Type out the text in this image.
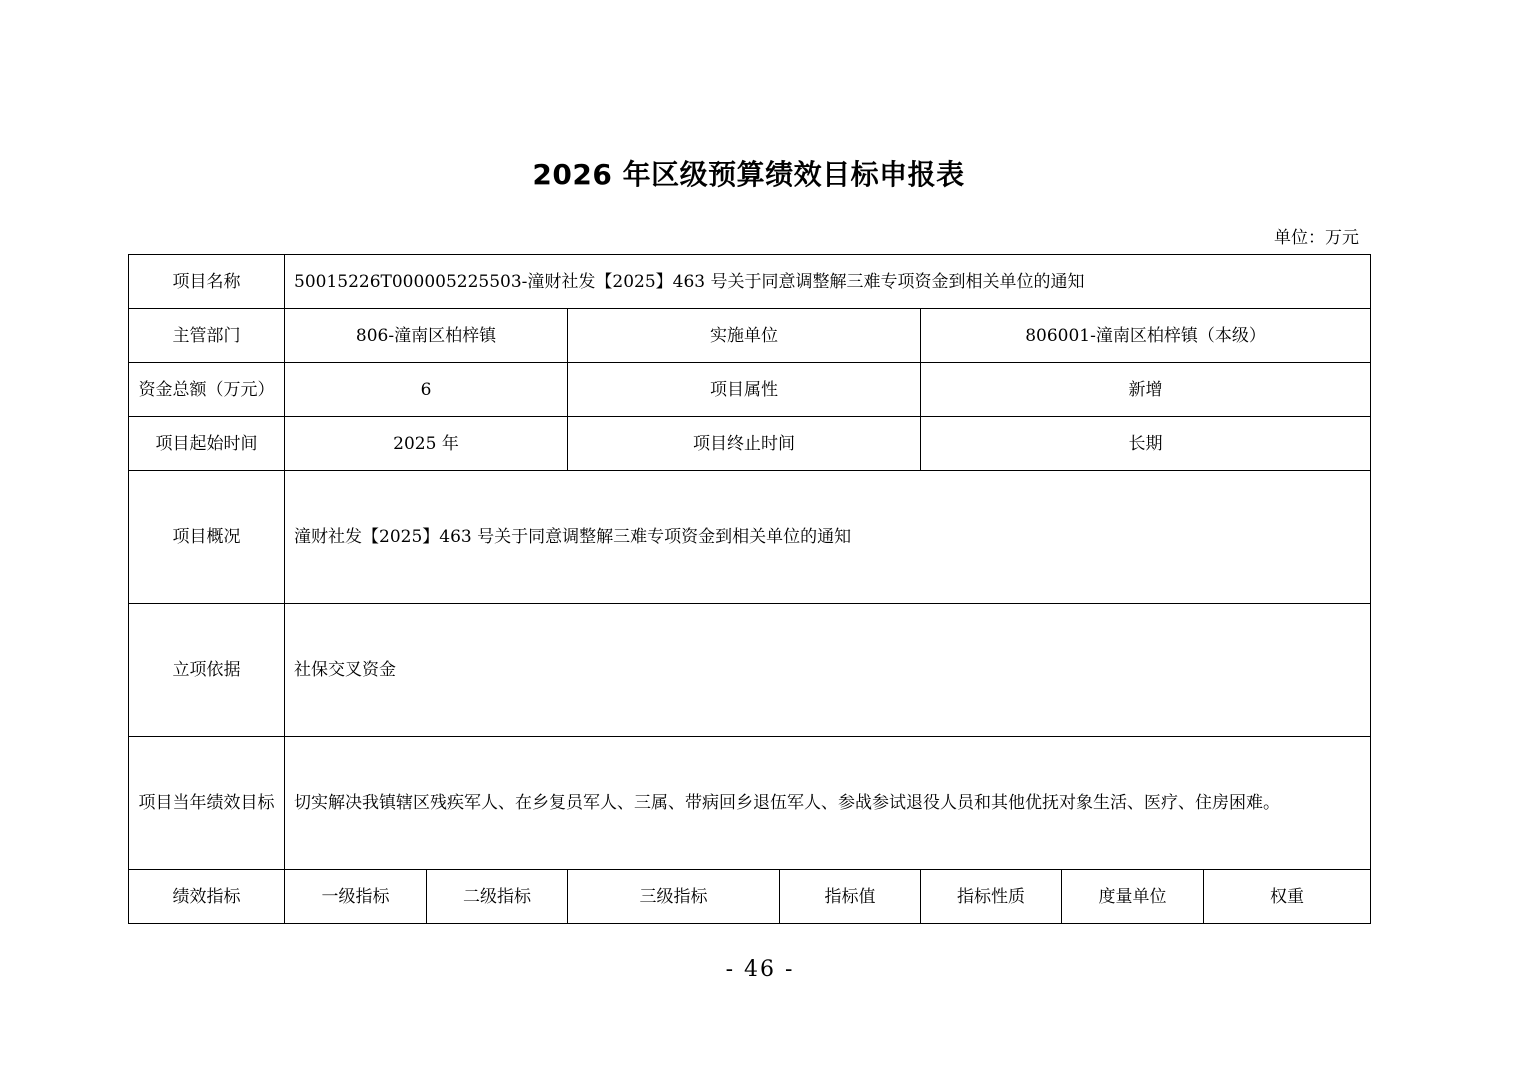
2026 年区级预算绩效目标申报表
单位：万元
项目名称	50015226T000005225503-潼财社发【2025】463 号关于同意调整解三难专项资金到相关单位的通知						
主管部门	806-潼南区柏梓镇		实施单位		806001-潼南区柏梓镇（本级）		
资金总额（万元）	6		项目属性		新增		
项目起始时间	2025 年		项目终止时间		长期		
项目概况	潼财社发【2025】463 号关于同意调整解三难专项资金到相关单位的通知						
立项依据	社保交叉资金						
项目当年绩效目标	切实解决我镇辖区残疾军人、在乡复员军人、三属、带病回乡退伍军人、参战参试退役人员和其他优抚对象生活、医疗、住房困难。						
绩效指标	一级指标	二级指标	三级指标	指标值	指标性质	度量单位	权重
- 46 -
